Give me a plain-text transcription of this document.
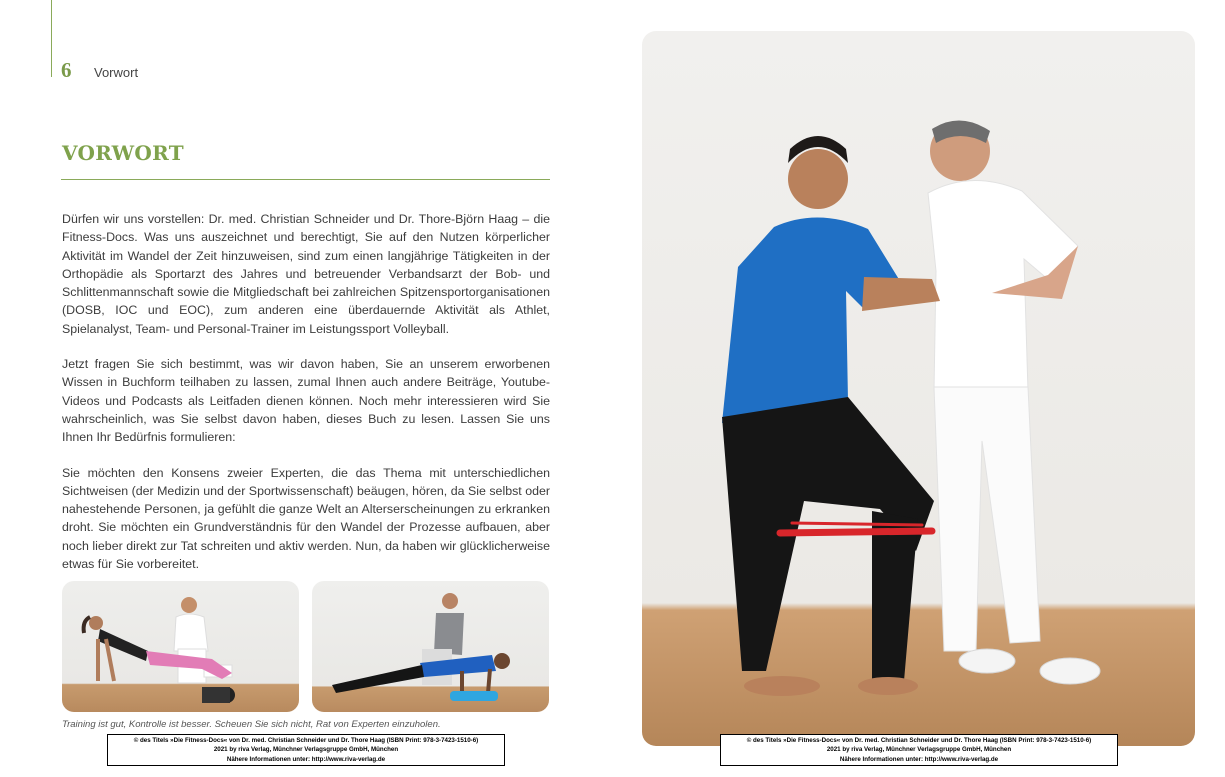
6 Vorwort
VORWORT

Dürfen wir uns vorstellen: Dr. med. Christian Schneider und Dr. Thore-Björn Haag – die Fitness-Docs. Was uns auszeichnet und berechtigt, Sie auf den Nutzen körperlicher Aktivität im Wandel der Zeit hinzuweisen, sind zum einen langjährige Tätigkeiten in der Orthopädie als Sportarzt des Jahres und betreuender Verbandsarzt der Bob- und Schlittenmannschaft sowie die Mitgliedschaft bei zahlreichen Spitzensportorganisationen (DOSB, IOC und EOC), zum anderen eine überdauernde Aktivität als Athlet, Spielanalyst, Team- und Personal-Trainer im Leistungssport Volleyball.

Jetzt fragen Sie sich bestimmt, was wir davon haben, Sie an unserem erworbenen Wissen in Buchform teilhaben zu lassen, zumal Ihnen auch andere Beiträge, Youtube-Videos und Podcasts als Leitfaden dienen können. Noch mehr interessieren wird Sie wahrscheinlich, was Sie selbst davon haben, dieses Buch zu lesen. Lassen Sie uns Ihnen Ihr Bedürfnis formulieren:

Sie möchten den Konsens zweier Experten, die das Thema mit unterschiedlichen Sichtweisen (der Medizin und der Sportwissenschaft) beäugen, hören, da Sie selbst oder nahestehende Personen, ja gefühlt die ganze Welt an Alterserscheinungen zu erkranken droht. Sie möchten ein Grundverständnis für den Wandel der Prozesse aufbauen, aber noch lieber direkt zur Tat schreiten und aktiv werden. Nun, da haben wir glücklicherweise etwas für Sie vorbereitet.

Training ist gut, Kontrolle ist besser. Scheuen Sie sich nicht, Rat von Experten einzuholen.
© des Titels »Die Fitness-Docs« von Dr. med. Christian Schneider und Dr. Thore Haag (ISBN Print: 978-3-7423-1510-6)
2021 by riva Verlag, Münchner Verlagsgruppe GmbH, München
Nähere Informationen unter: http://www.riva-verlag.de
© des Titels »Die Fitness-Docs« von Dr. med. Christian Schneider und Dr. Thore Haag (ISBN Print: 978-3-7423-1510-6)
2021 by riva Verlag, Münchner Verlagsgruppe GmbH, München
Nähere Informationen unter: http://www.riva-verlag.de
